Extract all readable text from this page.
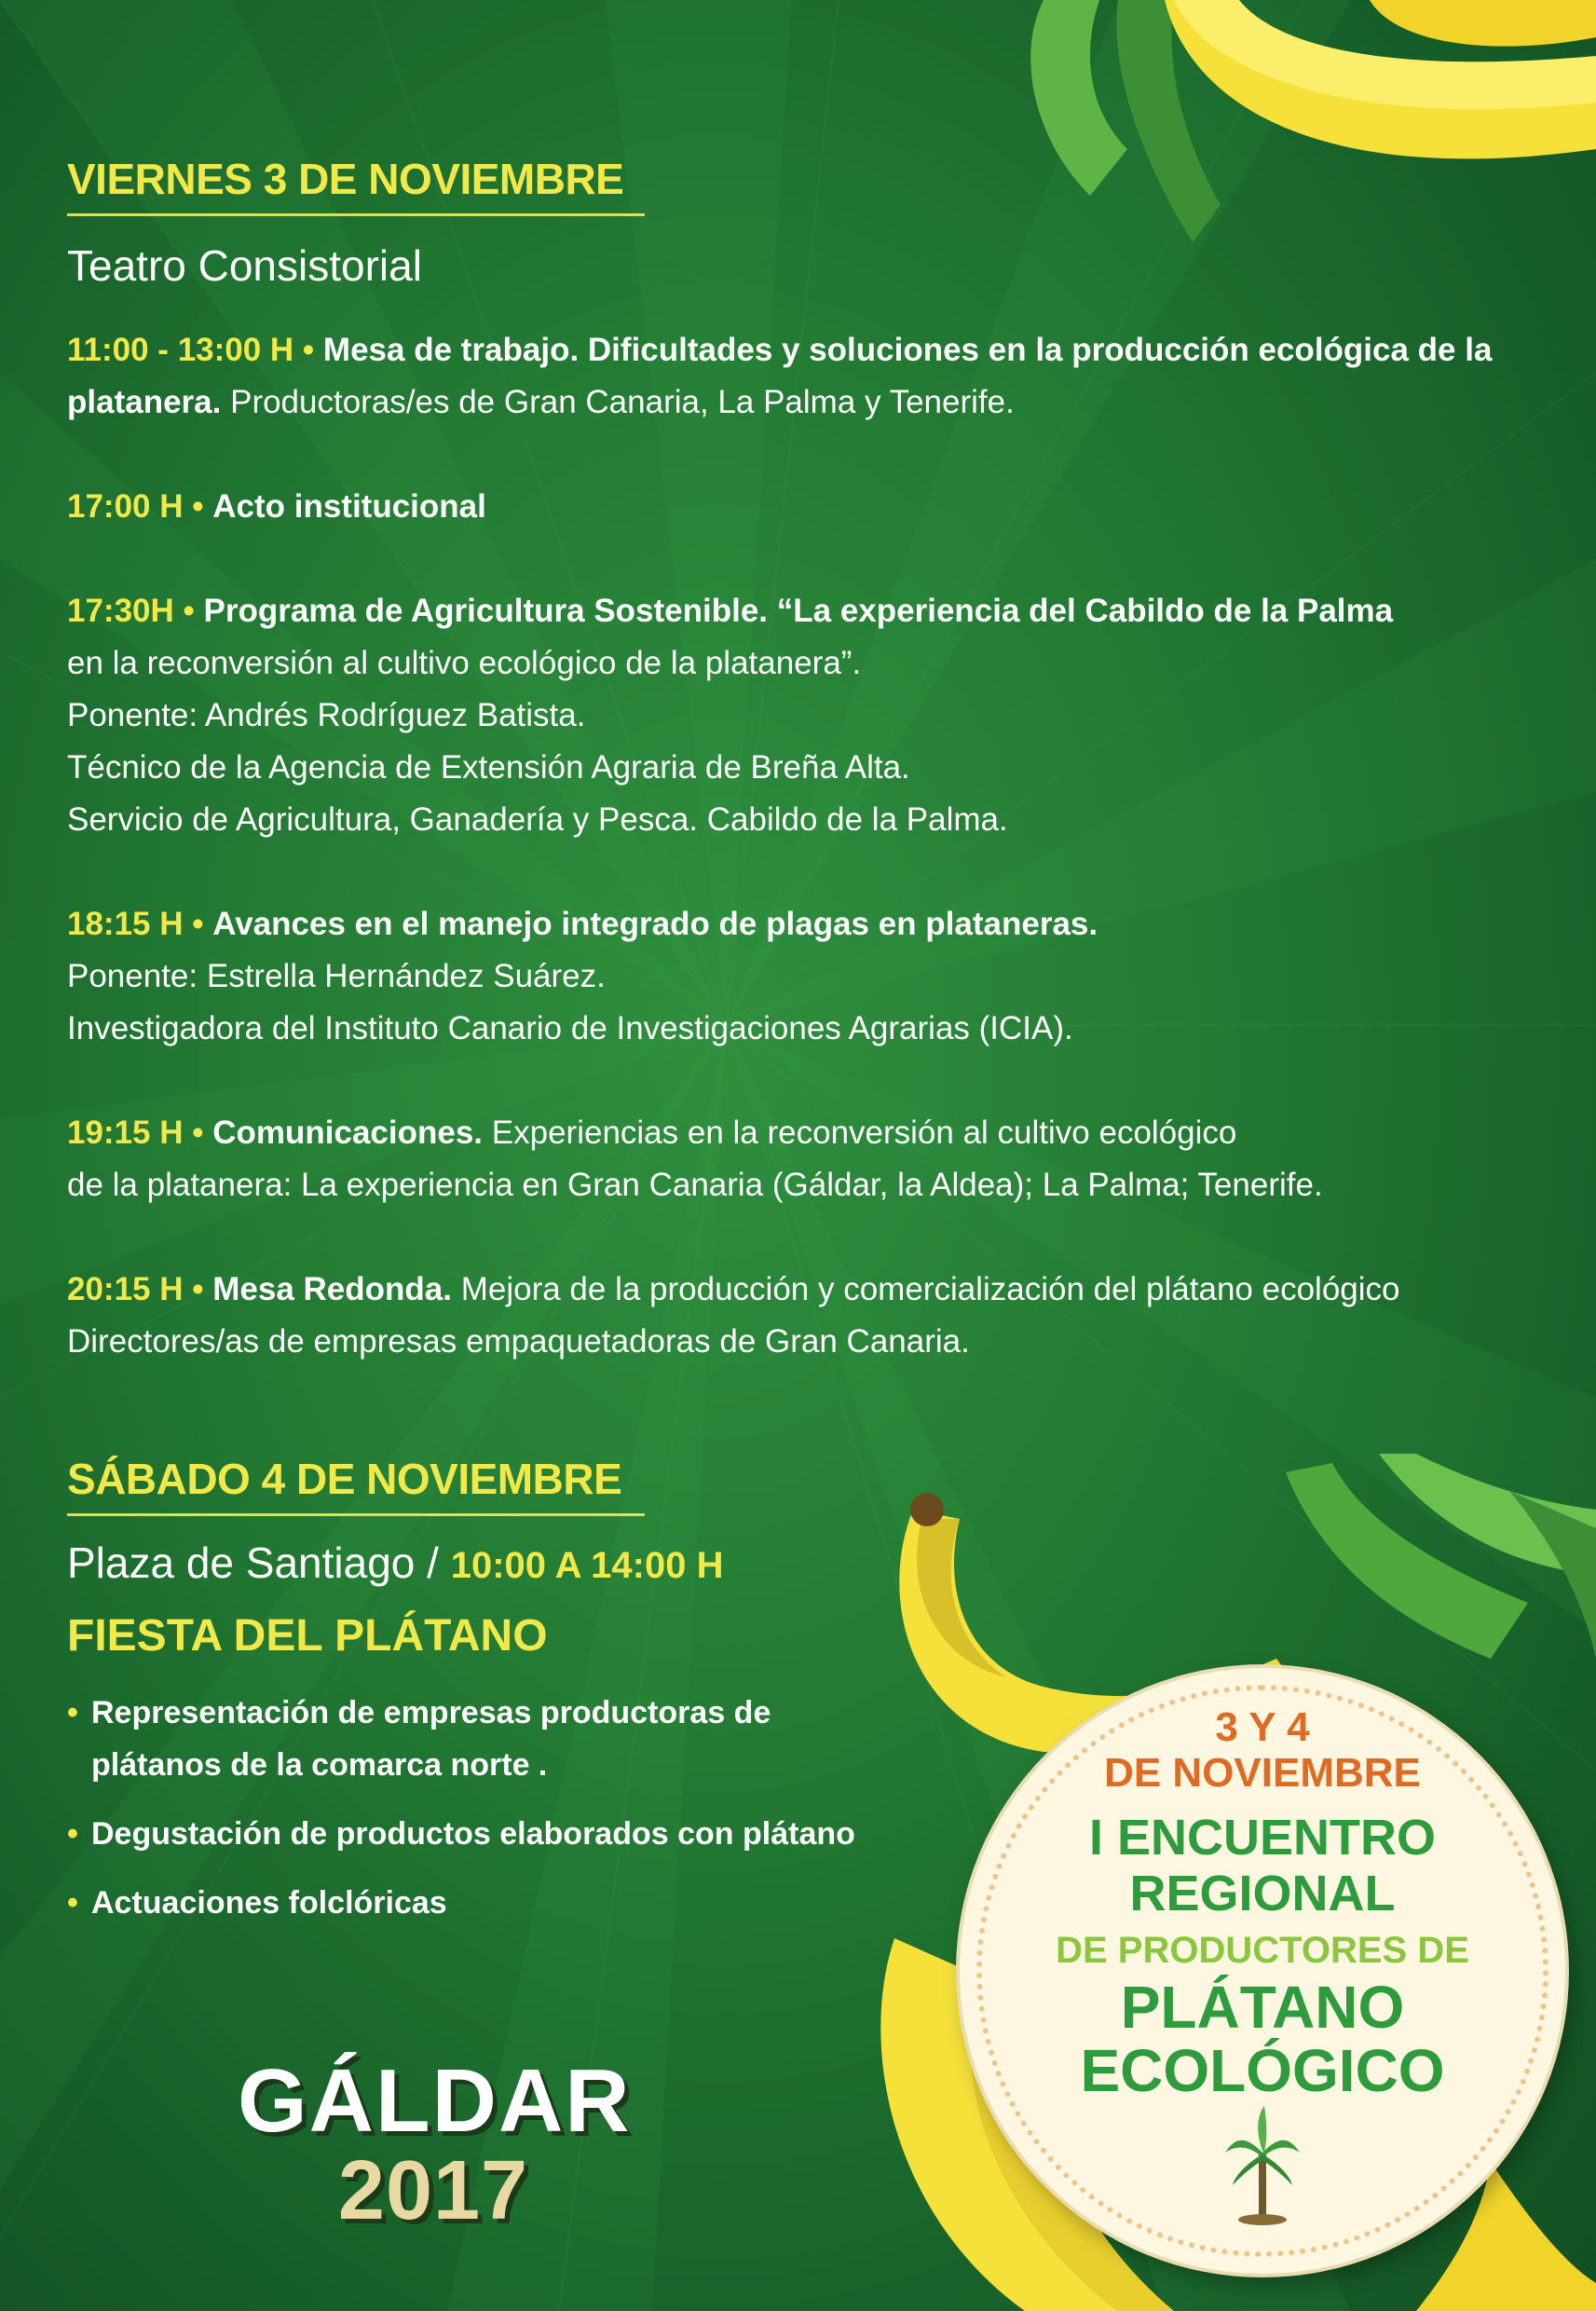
VIERNES 3 DE NOVIEMBRE
Teatro Consistorial

11:00 - 13:00 H • Mesa de trabajo. Dificultades y soluciones en la producción ecológica de la platanera. Productoras/es de Gran Canaria, La Palma y Tenerife.

17:00 H • Acto institucional

17:30H • Programa de Agricultura Sostenible. “La experiencia del Cabildo de la Palma

en la reconversión al cultivo ecológico de la platanera”.

Ponente: Andrés Rodríguez Batista.

Técnico de la Agencia de Extensión Agraria de Breña Alta.

Servicio de Agricultura, Ganadería y Pesca. Cabildo de la Palma.

18:15 H • Avances en el manejo integrado de plagas en plataneras.

Ponente: Estrella Hernández Suárez.

Investigadora del Instituto Canario de Investigaciones Agrarias (ICIA).

19:15 H • Comunicaciones. Experiencias en la reconversión al cultivo ecológico

de la platanera: La experiencia en Gran Canaria (Gáldar, la Aldea); La Palma; Tenerife.

20:15 H • Mesa Redonda. Mejora de la producción y comercialización del plátano ecológico

Directores/as de empresas empaquetadoras de Gran Canaria.

SÁBADO 4 DE NOVIEMBRE
Plaza de Santiago / 10:00 A 14:00 H
FIESTA DEL PLÁTANO
• Representación de empresas productoras de plátanos de la comarca norte .
• Degustación de productos elaborados con plátano
• Actuaciones folclóricas
GÁLDAR
2017
3 Y 4
DE NOVIEMBRE
I ENCUENTRO
REGIONAL
DE PRODUCTORES DE
PLÁTANO
ECOLÓGICO
